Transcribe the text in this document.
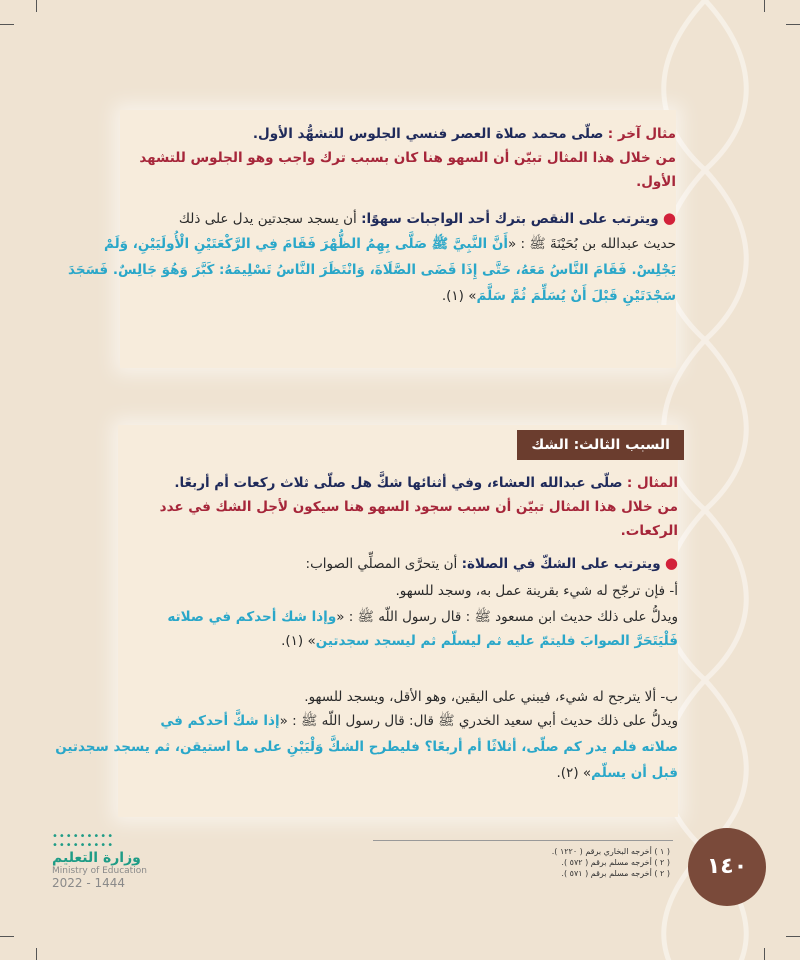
مثال آخر : صلّى محمد صلاة العصر فنسي الجلوس للتشهُّد الأول.
من خلال هذا المثال تبيّن أن السهو هنا كان بسبب ترك واجب وهو الجلوس للتشهد
الأول.
● ويترتب على النقص بترك أحد الواجبات سهوًا: أن يسجد سجدتين يدل على ذلك
حديث عبدالله بن بُحَيْنَةَ ﷺ : «أَنَّ النَّبِيَّ ﷺ صَلَّى بِهِمُ الظُّهْرَ فَقَامَ فِي الرَّكْعَتَيْنِ الْأُولَيَيْنِ، وَلَمْ
يَجْلِسْ. فَقَامَ النَّاسُ مَعَهُ، حَتَّى إِذَا قَضَى الصَّلَاةَ، وَانْتَظَرَ النَّاسُ تَسْلِيمَهُ: كَبَّرَ وَهُوَ جَالِسٌ. فَسَجَدَ
سَجْدَتَيْنِ قَبْلَ أَنْ يُسَلِّمَ ثُمَّ سَلَّمَ» (١).
السبب الثالث: الشك
المثال : صلّى عبدالله العشاء، وفي أثنائها شكَّ هل صلّى ثلاث ركعات أم أربعًا.
من خلال هذا المثال تبيّن أن سبب سجود السهو هنا سيكون لأجل الشك في عدد
الركعات.
● ويترتب على الشكّ في الصلاة: أن يتحرَّى المصلِّي الصواب:
أ- فإن ترجّح له شيء بقرينة عمل به، وسجد للسهو.
ويدلُّ على ذلك حديث ابن مسعود ﷺ : قال رسول اللّه ﷺ : «وإذا شك أحدكم في صلاته
فَلْيَتَحَرَّ الصوابَ فليتمّ عليه ثم ليسلّم ثم ليسجد سجدتين» (١).
ب- ألا يترجح له شيء، فيبني على اليقين، وهو الأقل، ويسجد للسهو.
ويدلُّ على ذلك حديث أبي سعيد الخدري ﷺ قال: قال رسول اللّه ﷺ : «إذا شكَّ أحدكم في
صلاته فلم يدر كم صلّى، أثلاثًا أم أربعًا؟ فليطرح الشكَّ وَلْيَبْنِ على ما استيقن، ثم يسجد سجدتين
قبل أن يسلّم» (٢).
( ١ ) أخرجه البخاري برقم ( ١٢٢٠ ).
( ٢ ) أخرجه مسلم برقم ( ٥٧٢ ).
( ٢ ) أخرجه مسلم برقم ( ٥٧١ ).	١٤٠
•••••••••
•••••••••
وزارة التعليم
Ministry of Education
2022 - 1444
